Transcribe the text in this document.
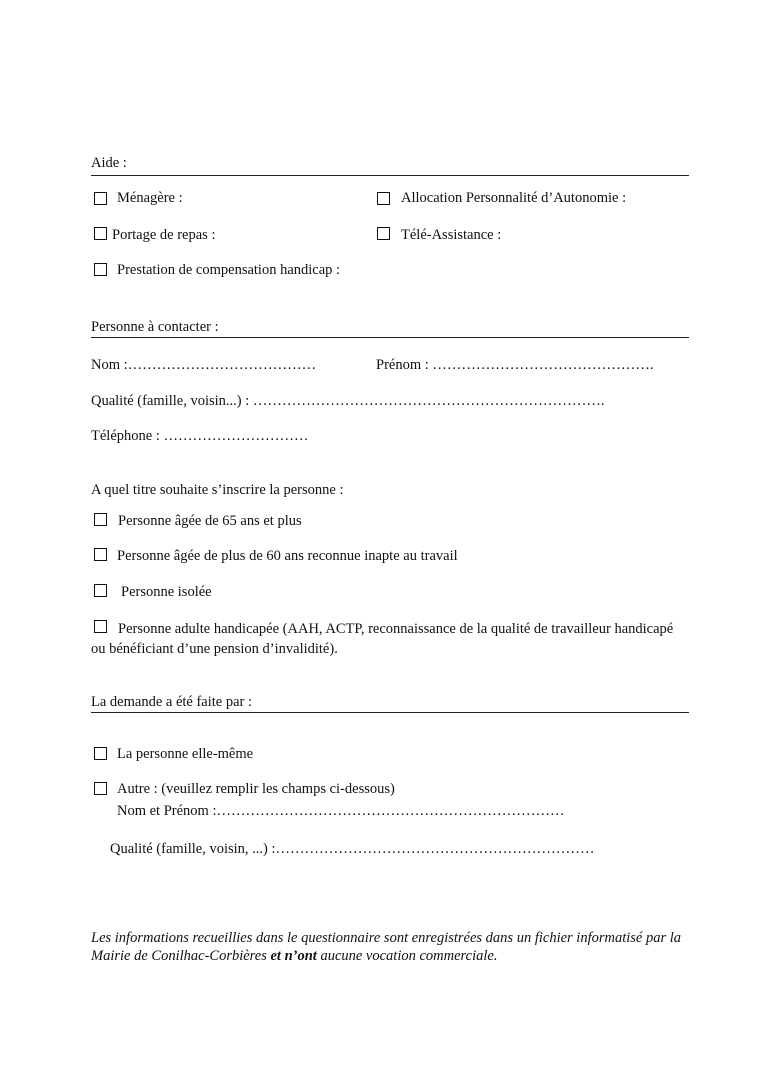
Aide :
Ménagère :	Allocation Personnalité d’Autonomie :
Portage de repas :	Télé-Assistance :
Prestation de compensation handicap :
Personne à contacter :
Nom :…………………………………	Prénom : ……………………………………….
Qualité (famille, voisin...) : ……………………………………………………………….
Téléphone : …………………………
A quel titre souhaite s’inscrire la personne :
Personne âgée de 65 ans et plus
Personne âgée de plus de 60 ans reconnue inapte au travail
Personne isolée
Personne adulte handicapée (AAH, ACTP, reconnaissance de la qualité de travailleur handicapé ou bénéficiant d’une pension d’invalidité).
La demande a été faite par :
La personne elle-même
Autre : (veuillez remplir les champs ci-dessous)
Nom et Prénom :………………………………………………………………
Qualité (famille, voisin, ...) :…………………………………………………………
Les informations recueillies dans le questionnaire sont enregistrées dans un fichier informatisé par la Mairie de Conilhac-Corbières et n’ont aucune vocation commerciale.
